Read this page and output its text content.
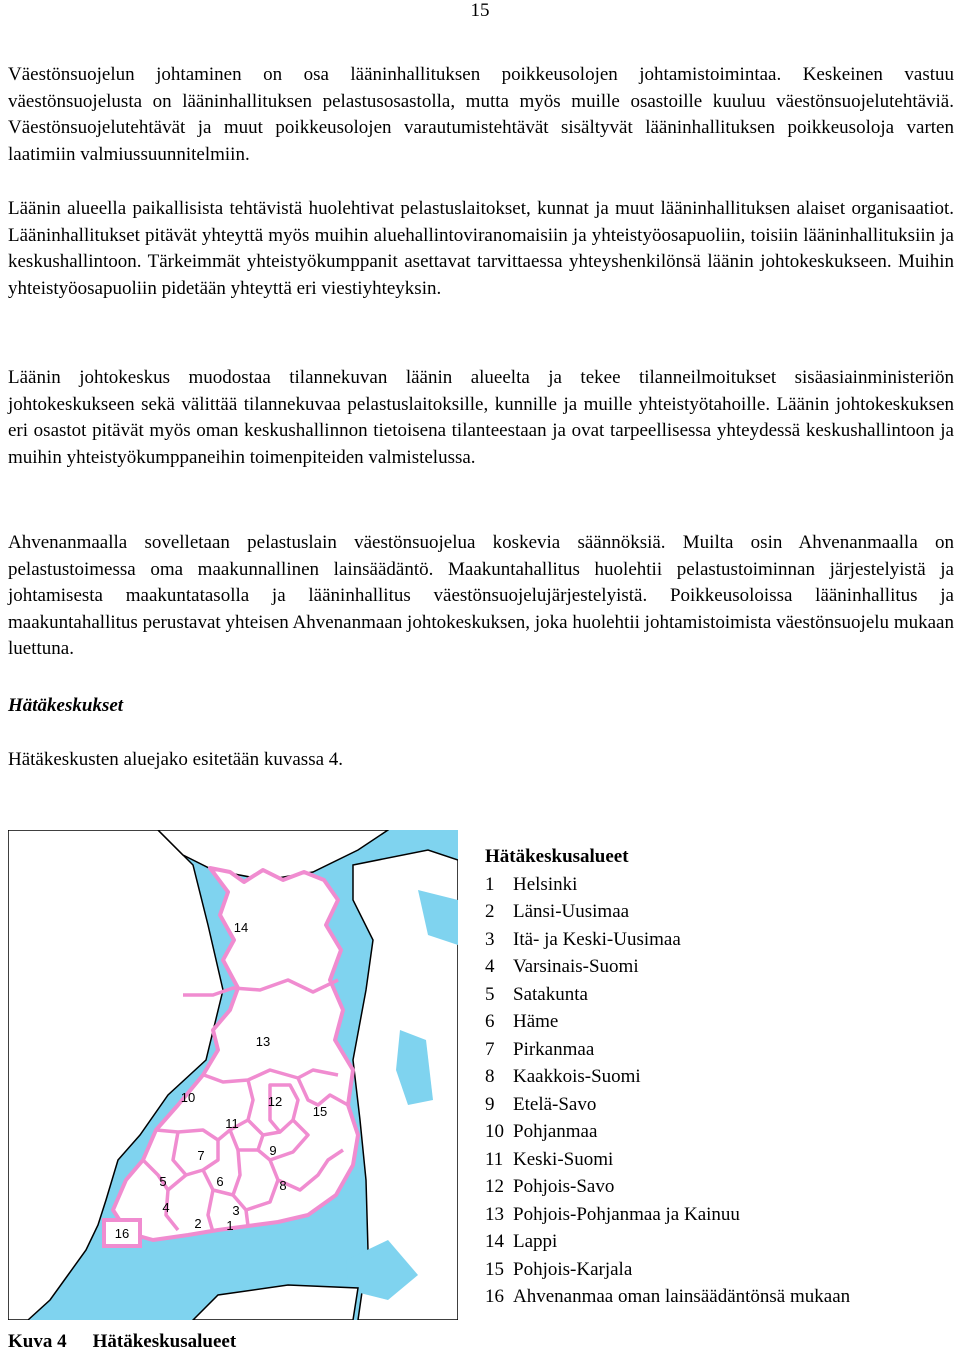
15

Väestönsuojelun johtaminen on osa lääninhallituksen poikkeusolojen johtamistoimintaa. Keskeinen vastuu väestönsuojelusta on lääninhallituksen pelastusosastolla, mutta myös muille osastoille kuuluu väestönsuojelutehtäviä. Väestönsuojelutehtävät ja muut poikkeusolojen varautumistehtävät sisältyvät lääninhallituksen poikkeusoloja varten laatimiin valmiussuunnitelmiin.

Läänin alueella paikallisista tehtävistä huolehtivat pelastuslaitokset, kunnat ja muut lääninhallituksen alaiset organisaatiot. Lääninhallitukset pitävät yhteyttä myös muihin aluehallintoviranomaisiin ja yhteistyöosapuoliin, toisiin lääninhallituksiin ja keskushallintoon. Tärkeimmät yhteistyökumppanit asettavat tarvittaessa yhteyshenkilönsä läänin johtokeskukseen. Muihin yhteistyöosapuoliin pidetään yhteyttä eri viestiyhteyksin.

Läänin johtokeskus muodostaa tilannekuvan läänin alueelta ja tekee tilanneilmoitukset sisäasiainministeriön johtokeskukseen sekä välittää tilannekuvaa pelastuslaitoksille, kunnille ja muille yhteistyötahoille. Läänin johtokeskuksen eri osastot pitävät myös oman keskushallinnon tietoisena tilanteestaan ja ovat tarpeellisessa yhteydessä keskushallintoon ja muihin yhteistyökumppaneihin toimenpiteiden valmistelussa.

Ahvenanmaalla sovelletaan pelastuslain väestönsuojelua koskevia säännöksiä. Muilta osin Ahvenanmaalla on pelastustoimessa oma maakunnallinen lainsäädäntö. Maakuntahallitus huolehtii pelastustoiminnan järjestelyistä ja johtamisesta maakuntatasolla ja lääninhallitus väestönsuojelujärjestelyistä. Poikkeusoloissa lääninhallitus ja maakuntahallitus perustavat yhteisen Ahvenanmaan johtokeskuksen, joka huolehtii johtamistoimista väestönsuojelu mukaan luettuna.

Hätäkeskukset

Hätäkeskusten aluejako esitetään kuvassa 4.

1
2
3
4
5	6
7
8
9
10
11
12
13
14
15
16
Hätäkeskusalueet
1 Helsinki
2 Länsi-Uusimaa
3 Itä- ja Keski-Uusimaa
4 Varsinais-Suomi
5 Satakunta
6 Häme
7 Pirkanmaa
8 Kaakkois-Suomi
9 Etelä-Savo
10 Pohjanmaa
11 Keski-Suomi
12 Pohjois-Savo
13 Pohjois-Pohjanmaa ja Kainuu
14 Lappi
15 Pohjois-Karjala
16 Ahvenanmaa oman lainsäädäntönsä mukaan
Kuva 4 Hätäkeskusalueet
